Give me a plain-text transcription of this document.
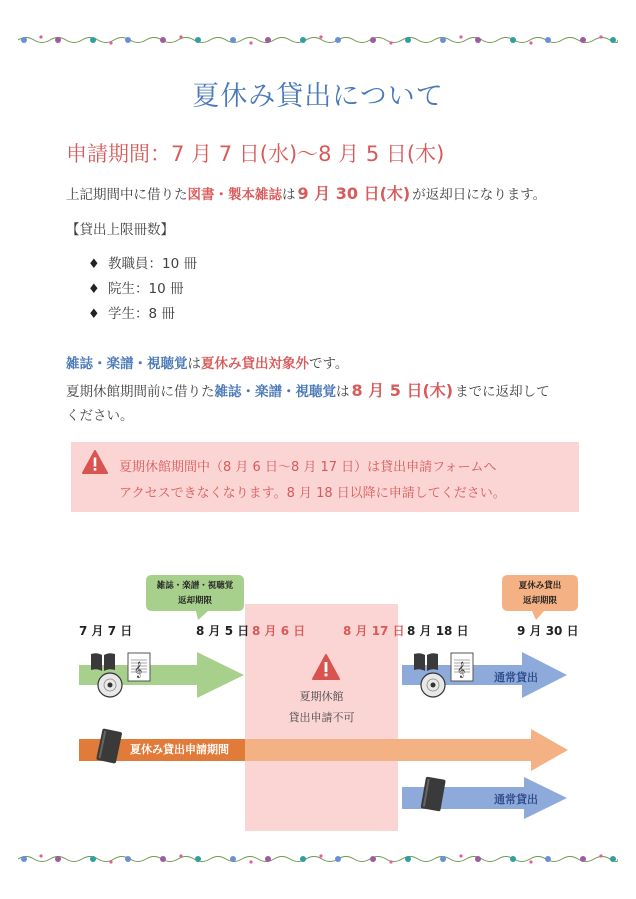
夏休み貸出について
申請期間：7 月 7 日(水)～8 月 5 日(木)
上記期間中に借りた図書・製本雑誌は 9 月 30 日(木) が返却日になります。
【貸出上限冊数】
♦ 教職員：10 冊
♦ 院生：10 冊
♦ 学生：8 冊
雑誌・楽譜・視聴覚は夏休み貸出対象外です。
夏期休館期間前に借りた雑誌・楽譜・視聴覚は 8 月 5 日(木) までに返却して
ください。
夏期休館期間中（8 月 6 日～8 月 17 日）は貸出申請フォームへ
アクセスできなくなります。8 月 18 日以降に申請してください。
雑誌・楽譜・視聴覚
返却期限
夏休み貸出
返却期限
7 月 7 日	8 月 5 日 8 月 6 日	8 月 17 日 8 月 18 日	9 月 30 日
夏期休館
貸出申請不可
𝄞	𝄞	通常貸出
夏休み貸出申請期間
通常貸出
